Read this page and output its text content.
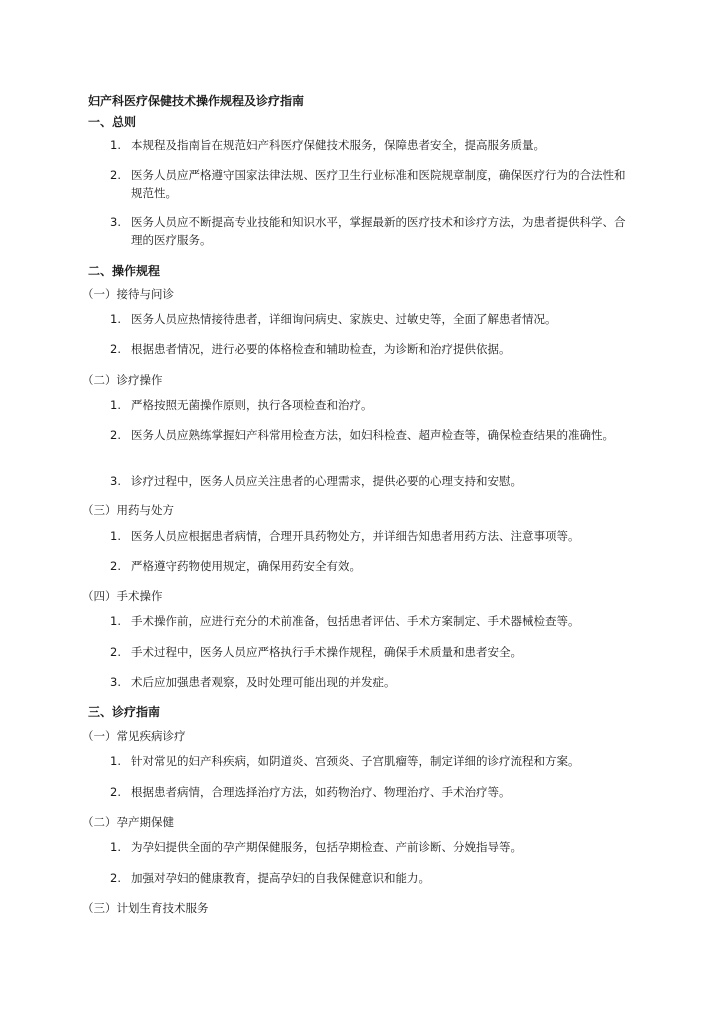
妇产科医疗保健技术操作规程及诊疗指南
一、总则
1. 本规程及指南旨在规范妇产科医疗保健技术服务，保障患者安全，提高服务质量。
2. 医务人员应严格遵守国家法律法规、医疗卫生行业标准和医院规章制度，确保医疗行为的合法性和规范性。
3. 医务人员应不断提高专业技能和知识水平，掌握最新的医疗技术和诊疗方法，为患者提供科学、合理的医疗服务。
二、操作规程
（一）接待与问诊
1. 医务人员应热情接待患者，详细询问病史、家族史、过敏史等，全面了解患者情况。
2. 根据患者情况，进行必要的体格检查和辅助检查，为诊断和治疗提供依据。
（二）诊疗操作
1. 严格按照无菌操作原则，执行各项检查和治疗。
2. 医务人员应熟练掌握妇产科常用检查方法，如妇科检查、超声检查等，确保检查结果的准确性。
3. 诊疗过程中，医务人员应关注患者的心理需求，提供必要的心理支持和安慰。
（三）用药与处方
1. 医务人员应根据患者病情，合理开具药物处方，并详细告知患者用药方法、注意事项等。
2. 严格遵守药物使用规定，确保用药安全有效。
（四）手术操作
1. 手术操作前，应进行充分的术前准备，包括患者评估、手术方案制定、手术器械检查等。
2. 手术过程中，医务人员应严格执行手术操作规程，确保手术质量和患者安全。
3. 术后应加强患者观察，及时处理可能出现的并发症。
三、诊疗指南
（一）常见疾病诊疗
1. 针对常见的妇产科疾病，如阴道炎、宫颈炎、子宫肌瘤等，制定详细的诊疗流程和方案。
2. 根据患者病情，合理选择治疗方法，如药物治疗、物理治疗、手术治疗等。
（二）孕产期保健
1. 为孕妇提供全面的孕产期保健服务，包括孕期检查、产前诊断、分娩指导等。
2. 加强对孕妇的健康教育，提高孕妇的自我保健意识和能力。
（三）计划生育技术服务
